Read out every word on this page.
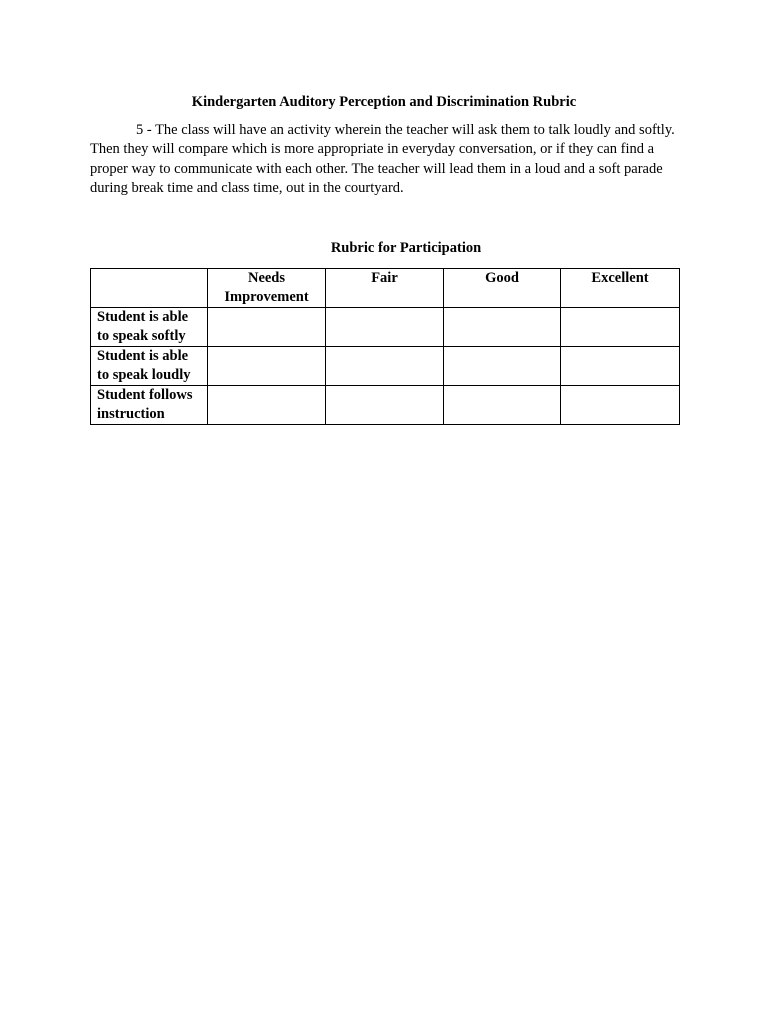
Kindergarten Auditory Perception and Discrimination Rubric

5 - The class will have an activity wherein the teacher will ask them to talk loudly and softly. Then they will compare which is more appropriate in everyday conversation, or if they can find a proper way to communicate with each other. The teacher will lead them in a loud and a soft parade during break time and class time, out in the courtyard.

Rubric for Participation
	Needs Improvement	Fair	Good	Excellent
Student is able to speak softly				
Student is able to speak loudly				
Student follows instruction				
